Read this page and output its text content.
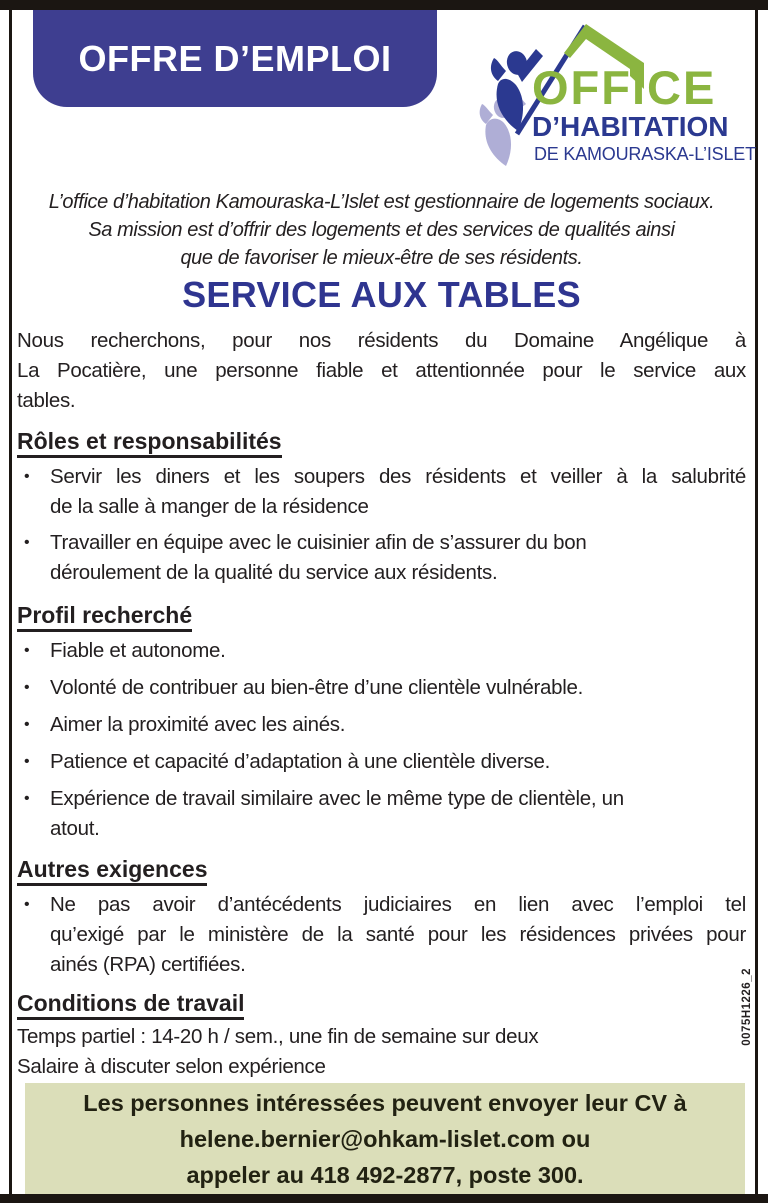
OFFRE D’EMPLOI
OFFICE
D’HABITATION
DE KAMOURASKA-L’ISLET
L’office d’habitation Kamouraska-L’Islet est gestionnaire de logements sociaux.
Sa mission est d’offrir des logements et des services de qualités ainsi
que de favoriser le mieux-être de ses résidents.
SERVICE AUX TABLES
Nous recherchons, pour nos résidents du Domaine Angélique à
La Pocatière, une personne fiable et attentionnée pour le service aux
tables.
Rôles et responsabilités
•	Servir les diners et les soupers des résidents et veiller à la salubrité
de la salle à manger de la résidence
•	Travailler en équipe avec le cuisinier afin de s’assurer du bon
déroulement de la qualité du service aux résidents.
Profil recherché
•	Fiable et autonome.
•	Volonté de contribuer au bien-être d’une clientèle vulnérable.
•	Aimer la proximité avec les ainés.
•	Patience et capacité d’adaptation à une clientèle diverse.
•	Expérience de travail similaire avec le même type de clientèle, un
atout.
Autres exigences
•	Ne pas avoir d’antécédents judiciaires en lien avec l’emploi tel
qu’exigé par le ministère de la santé pour les résidences privées pour
ainés (RPA) certifiées.
Conditions de travail
Temps partiel : 14-20 h / sem., une fin de semaine sur deux
Salaire à discuter selon expérience
Les personnes intéressées peuvent envoyer leur CV à
helene.bernier@ohkam-lislet.com ou
appeler au 418 492-2877, poste 300.
0075H1226_2
